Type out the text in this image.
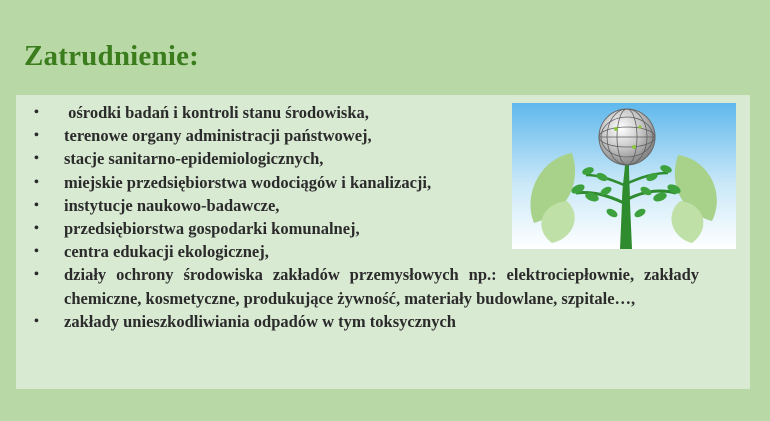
Zatrudnienie:
• ośrodki badań i kontroli stanu środowiska,
• terenowe organy administracji państwowej,
• stacje sanitarno-epidemiologicznych,
• miejskie przedsiębiorstwa wodociągów i kanalizacji,
• instytucje naukowo-badawcze,
• przedsiębiorstwa gospodarki komunalnej,
• centra edukacji ekologicznej,
• działy ochrony środowiska zakładów przemysłowych np.: elektrociepłownie, zakłady chemiczne, kosmetyczne, produkujące żywność, materiały budowlane, szpitale…,
• zakłady unieszkodliwiania odpadów w tym toksycznych
